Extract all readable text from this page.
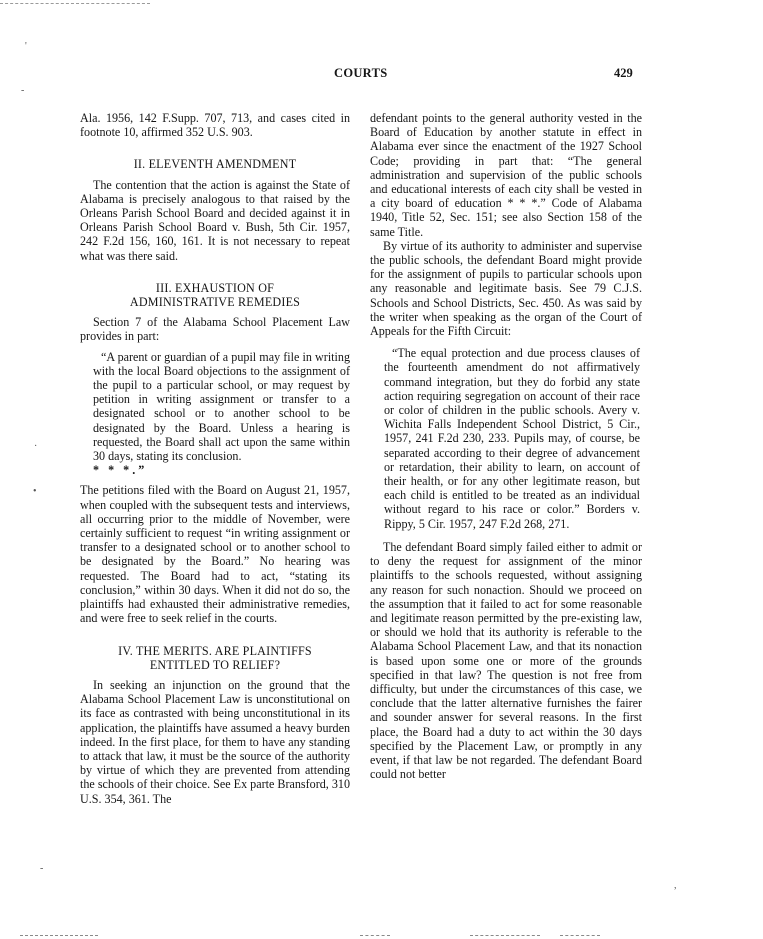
COURTS	429
'
-
·
•
-
,

Ala. 1956, 142 F.Supp. 707, 713, and cases cited in footnote 10, affirmed 352 U.S. 903.

II. ELEVENTH AMENDMENT

The contention that the action is against the State of Alabama is precisely analogous to that raised by the Orleans Parish School Board and decided against it in Orleans Parish School Board v. Bush, 5th Cir. 1957, 242 F.2d 156, 160, 161. It is not necessary to repeat what was there said.

III. EXHAUSTION OF

ADMINISTRATIVE REMEDIES

Section 7 of the Alabama School Placement Law provides in part:

“A parent or guardian of a pupil may file in writing with the local Board objections to the assignment of the pupil to a particular school, or may request by petition in writing assignment or transfer to a designated school or to another school to be designated by the Board. Unless a hearing is requested, the Board shall act upon the same within 30 days, stating its conclusion.
* * *.”

The petitions filed with the Board on August 21, 1957, when coupled with the subsequent tests and interviews, all occurring prior to the middle of November, were certainly sufficient to request “in writing assignment or transfer to a designated school or to another school to be designated by the Board.” No hearing was requested. The Board had to act, “stating its conclusion,” within 30 days. When it did not do so, the plaintiffs had exhausted their administrative remedies, and were free to seek relief in the courts.

IV. THE MERITS. ARE PLAINTIFFS

ENTITLED TO RELIEF?

In seeking an injunction on the ground that the Alabama School Placement Law is unconstitutional on its face as contrasted with being unconstitutional in its application, the plaintiffs have assumed a heavy burden indeed. In the first place, for them to have any standing to attack that law, it must be the source of the authority by virtue of which they are prevented from attending the schools of their choice. See Ex parte Bransford, 310 U.S. 354, 361. The

defendant points to the general authority vested in the Board of Education by another statute in effect in Alabama ever since the enactment of the 1927 School Code; providing in part that: “The general administration and supervision of the public schools and educational interests of each city shall be vested in a city board of education * * *.” Code of Alabama 1940, Title 52, Sec. 151; see also Section 158 of the same Title.

By virtue of its authority to administer and supervise the public schools, the defendant Board might provide for the assignment of pupils to particular schools upon any reasonable and legitimate basis. See 79 C.J.S. Schools and School Districts, Sec. 450. As was said by the writer when speaking as the organ of the Court of Appeals for the Fifth Circuit:

“The equal protection and due process clauses of the fourteenth amendment do not affirmatively command integration, but they do forbid any state action requiring segregation on account of their race or color of children in the public schools. Avery v. Wichita Falls Independent School District, 5 Cir., 1957, 241 F.2d 230, 233. Pupils may, of course, be separated according to their degree of advancement or retardation, their ability to learn, on account of their health, or for any other legitimate reason, but each child is entitled to be treated as an individual without regard to his race or color.” Borders v. Rippy, 5 Cir. 1957, 247 F.2d 268, 271.

The defendant Board simply failed either to admit or to deny the request for assignment of the minor plaintiffs to the schools requested, without assigning any reason for such nonaction. Should we proceed on the assumption that it failed to act for some reasonable and legitimate reason permitted by the pre-existing law, or should we hold that its authority is referable to the Alabama School Placement Law, and that its nonaction is based upon some one or more of the grounds specified in that law? The question is not free from difficulty, but under the circumstances of this case, we conclude that the latter alternative furnishes the fairer and sounder answer for several reasons. In the first place, the Board had a duty to act within the 30 days specified by the Placement Law, or promptly in any event, if that law be not regarded. The defendant Board could not better
